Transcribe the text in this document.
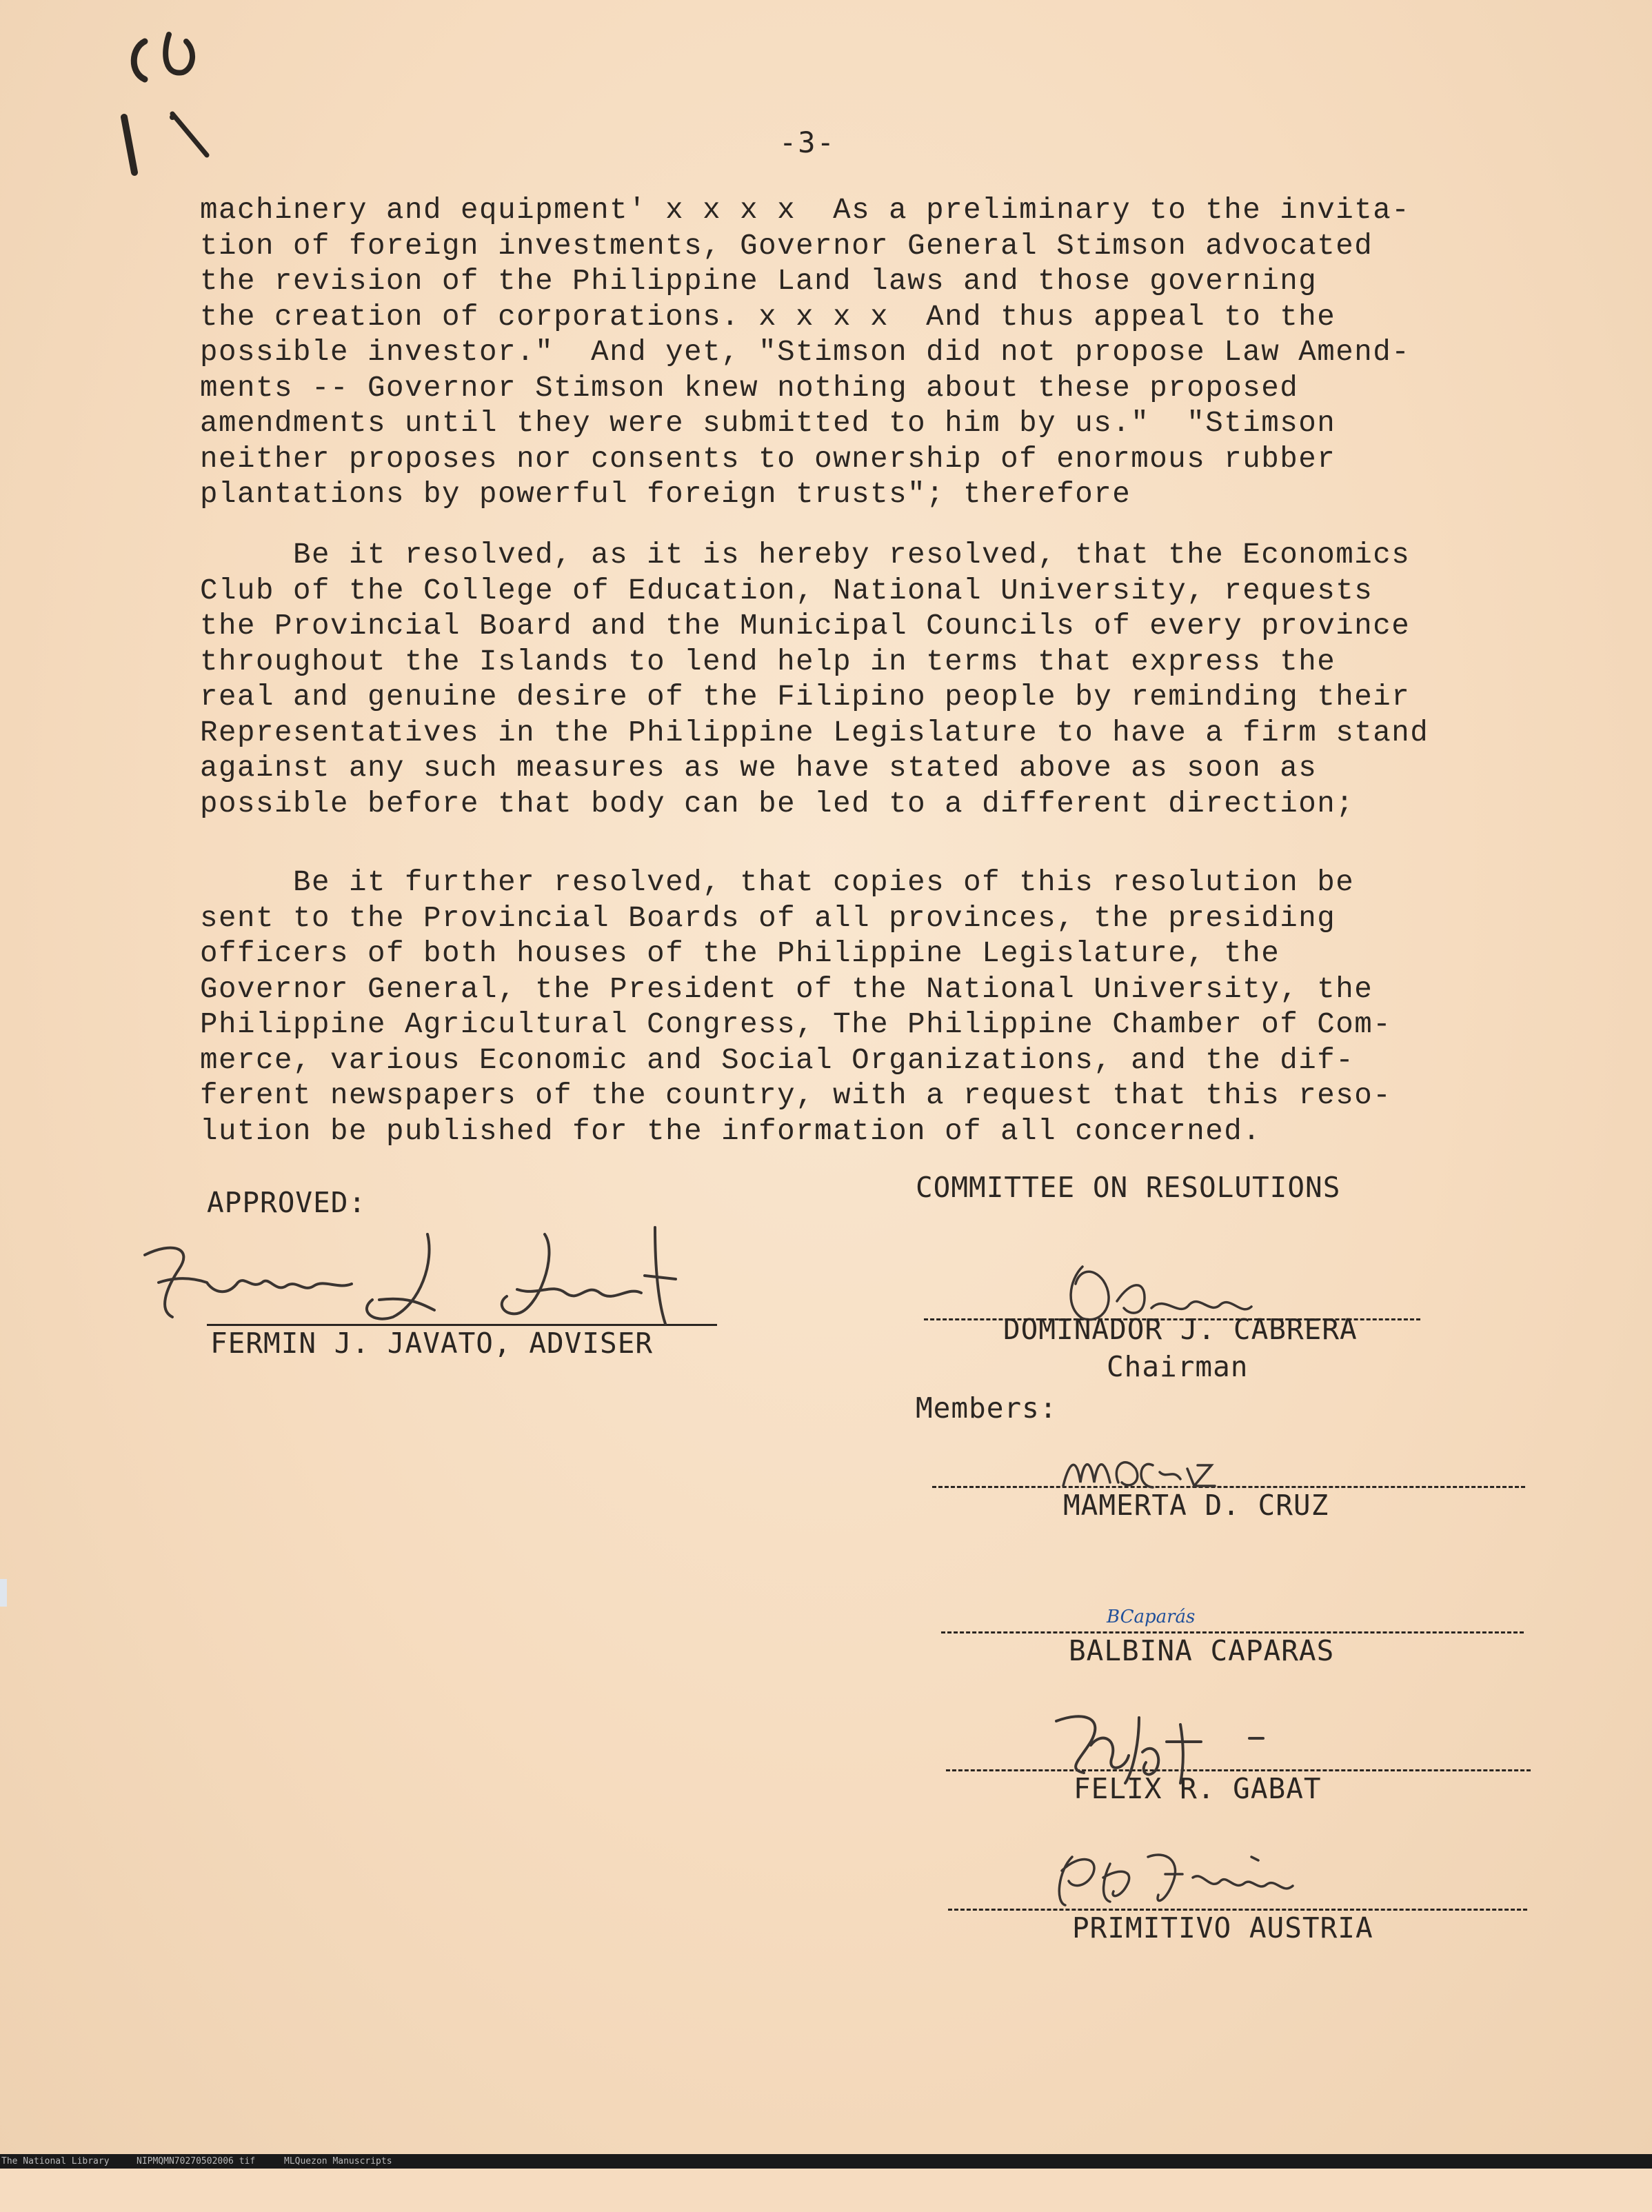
-3-
machinery and equipment' x x x x  As a preliminary to the invita-
tion of foreign investments, Governor General Stimson advocated
the revision of the Philippine Land laws and those governing
the creation of corporations. x x x x  And thus appeal to the
possible investor."  And yet, "Stimson did not propose Law Amend-
ments -- Governor Stimson knew nothing about these proposed
amendments until they were submitted to him by us."  "Stimson
neither proposes nor consents to ownership of enormous rubber
plantations by powerful foreign trusts"; therefore

Be it resolved, as it is hereby resolved, that the Economics
Club of the College of Education, National University, requests
the Provincial Board and the Municipal Councils of every province
throughout the Islands to lend help in terms that express the
real and genuine desire of the Filipino people by reminding their
Representatives in the Philippine Legislature to have a firm stand
against any such measures as we have stated above as soon as
possible before that body can be led to a different direction;

Be it further resolved, that copies of this resolution be
sent to the Provincial Boards of all provinces, the presiding
officers of both houses of the Philippine Legislature, the
Governor General, the President of the National University, the
Philippine Agricultural Congress, The Philippine Chamber of Com-
merce, various Economic and Social Organizations, and the dif-
ferent newspapers of the country, with a request that this reso-
lution be published for the information of all concerned.

APPROVED:	COMMITTEE ON RESOLUTIONS
Members:
FERMIN J. JAVATO, ADVISER	DOMINADOR J. CABRERA
Chairman
MAMERTA D. CRUZ
BCaparás
BALBINA CAPARAS
FELIX R. GABAT
PRIMITIVO AUSTRIA

The National Library

	NIPMQMN70270502006 tif

	MLQuezon Manuscripts
